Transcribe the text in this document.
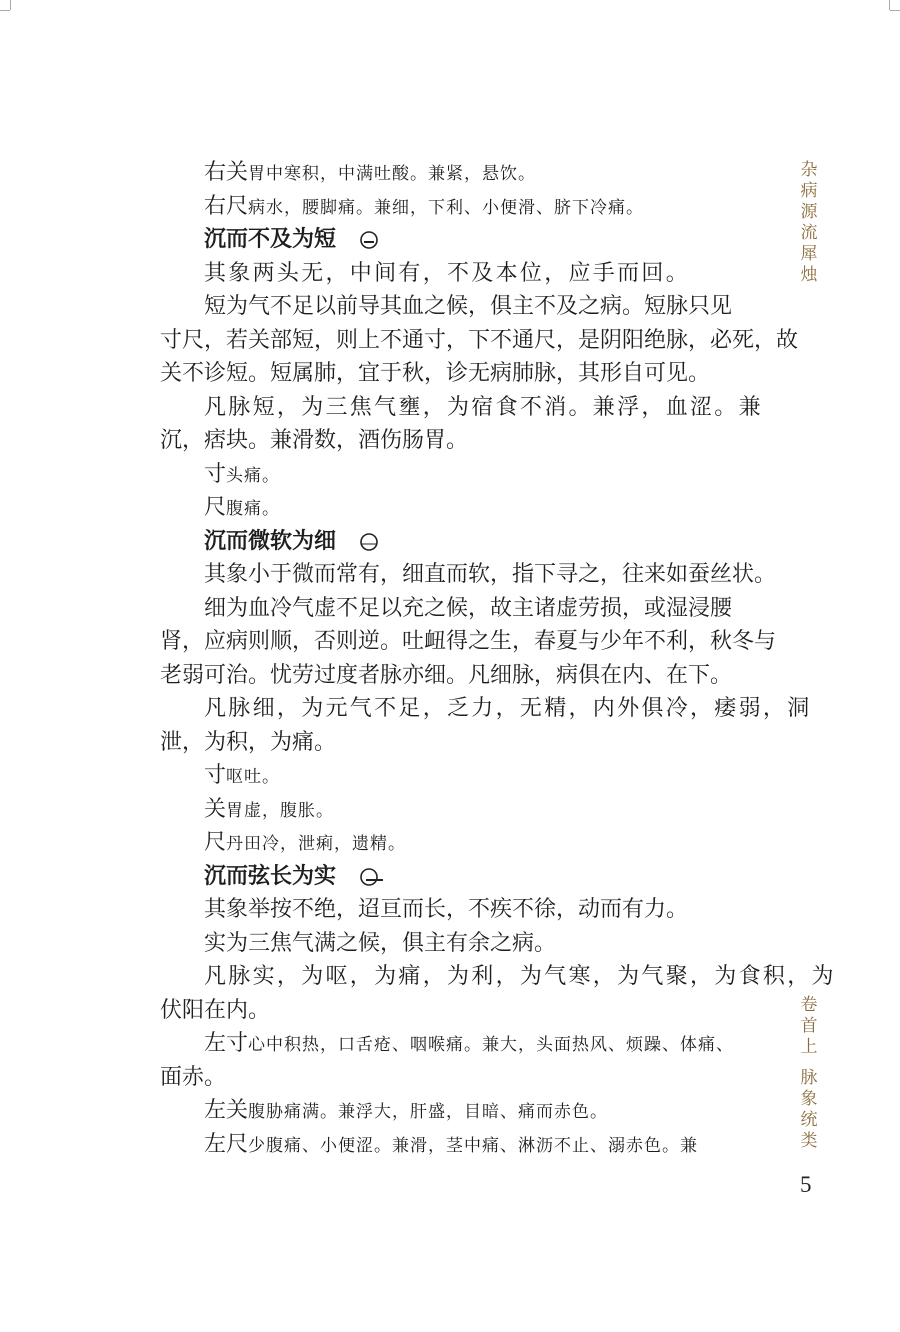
右关胃中寒积，中满吐酸。兼紧，悬饮。
右尺病水，腰脚痛。兼细，下利、小便滑、脐下冷痛。
沉而不及为短
其象两头无，中间有，不及本位，应手而回。
短为气不足以前导其血之候，俱主不及之病。短脉只见
寸尺，若关部短，则上不通寸，下不通尺，是阴阳绝脉，必死，故
关不诊短。短属肺，宜于秋，诊无病肺脉，其形自可见。
凡脉短，为三焦气壅，为宿食不消。兼浮，血涩。兼
沉，痞块。兼滑数，酒伤肠胃。
寸头痛。
尺腹痛。
沉而微软为细
其象小于微而常有，细直而软，指下寻之，往来如蚕丝状。
细为血冷气虚不足以充之候，故主诸虚劳损，或湿浸腰
肾，应病则顺，否则逆。吐衄得之生，春夏与少年不利，秋冬与
老弱可治。忧劳过度者脉亦细。凡细脉，病俱在内、在下。
凡脉细，为元气不足，乏力，无精，内外俱冷，痿弱，洞
泄，为积，为痛。
寸呕吐。
关胃虚，腹胀。
尺丹田冷，泄痢，遗精。
沉而弦长为实
其象举按不绝，迢亘而长，不疾不徐，动而有力。
实为三焦气满之候，俱主有余之病。
凡脉实，为呕，为痛，为利，为气寒，为气聚，为食积，为
伏阳在内。
左寸心中积热，口舌疮、咽喉痛。兼大，头面热风、烦躁、体痛、
面赤。
左关腹胁痛满。兼浮大，肝盛，目暗、痛而赤色。
左尺少腹痛、小便涩。兼滑，茎中痛、淋沥不止、溺赤色。兼
杂
病
源
流
犀
烛
卷
首
上
脉
象
统
类
5
